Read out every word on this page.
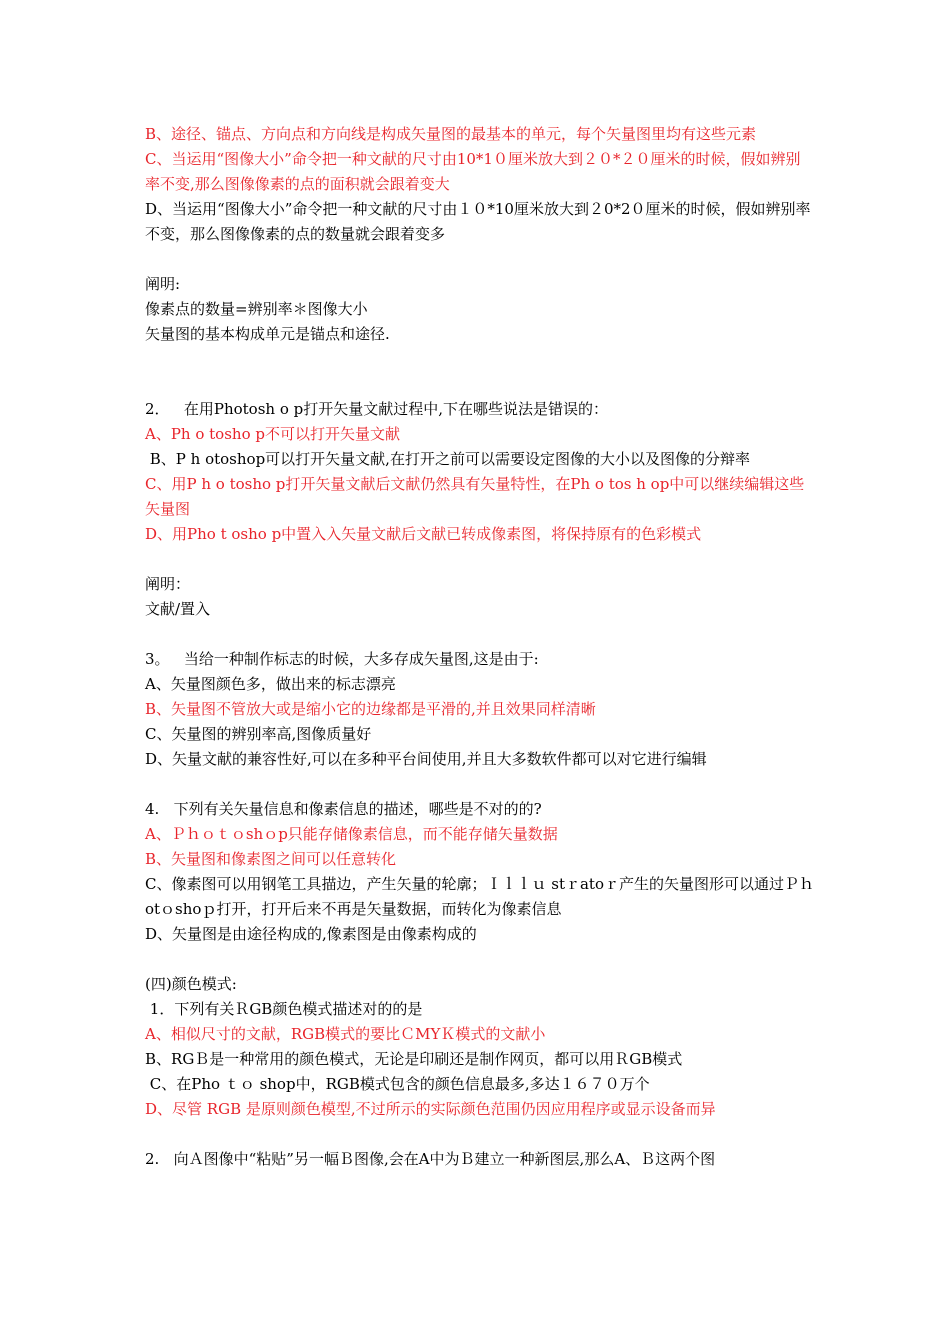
B、途径、锚点、方向点和方向线是构成矢量图的最基本的单元，每个矢量图里均有这些元素
C、当运用“图像大小”命令把一种文献的尺寸由10*1０厘米放大到２０*２０厘米的时候，假如辨别率不变,那么图像像素的点的面积就会跟着变大
D、当运用“图像大小”命令把一种文献的尺寸由１０*10厘米放大到２0*2０厘米的时候，假如辨别率不变，那么图像像素的点的数量就会跟着变多
阐明:
像素点的数量=辨别率＊图像大小
矢量图的基本构成单元是锚点和途径.
2．   在用Photosh o p打开矢量文献过程中,下在哪些说法是错误的：
A、Ph o tosho p不可以打开矢量文献
B、P h otoshop可以打开矢量文献,在打开之前可以需要设定图像的大小以及图像的分辩率
C、用P h o tosho p打开矢量文献后文献仍然具有矢量特性，在Ph o tos h op中可以继续编辑这些矢量图
D、用Pho t osho p中置入入矢量文献后文献已转成像素图，将保持原有的色彩模式
阐明：
文献/置入
3。   当给一种制作标志的时候，大多存成矢量图,这是由于:
A、矢量图颜色多，做出来的标志漂亮
B、矢量图不管放大或是缩小它的边缘都是平滑的,并且效果同样清晰
C、矢量图的辨别率高,图像质量好
D、矢量文献的兼容性好,可以在多种平台间使用,并且大多数软件都可以对它进行编辑
4.   下列有关矢量信息和像素信息的描述，哪些是不对的的?
A、Ｐｈｏｔｏshｏp只能存储像素信息，而不能存储矢量数据
B、矢量图和像素图之间可以任意转化
C、像素图可以用钢笔工具描边，产生矢量的轮廓；Ｉｌｌｕ stｒatoｒ产生的矢量图形可以通过Ｐｈ otｏshoｐ打开，打开后来不再是矢量数据，而转化为像素信息
D、矢量图是由途径构成的,像素图是由像素构成的
(四)颜色模式:
1．下列有关ＲGB颜色模式描述对的的是
A、相似尺寸的文献，RGB模式的要比ＣMYＫ模式的文献小
B、RGＢ是一种常用的颜色模式，无论是印刷还是制作网页，都可以用ＲGB模式
C、在Pho ｔｏ shop中，RGB模式包含的颜色信息最多,多达１６７０万个
D、尽管 RGB 是原则颜色模型,不过所示的实际颜色范围仍因应用程序或显示设备而异
2.   向Ａ图像中“粘贴”另一幅Ｂ图像,会在A中为Ｂ建立一种新图层,那么A、Ｂ这两个图
